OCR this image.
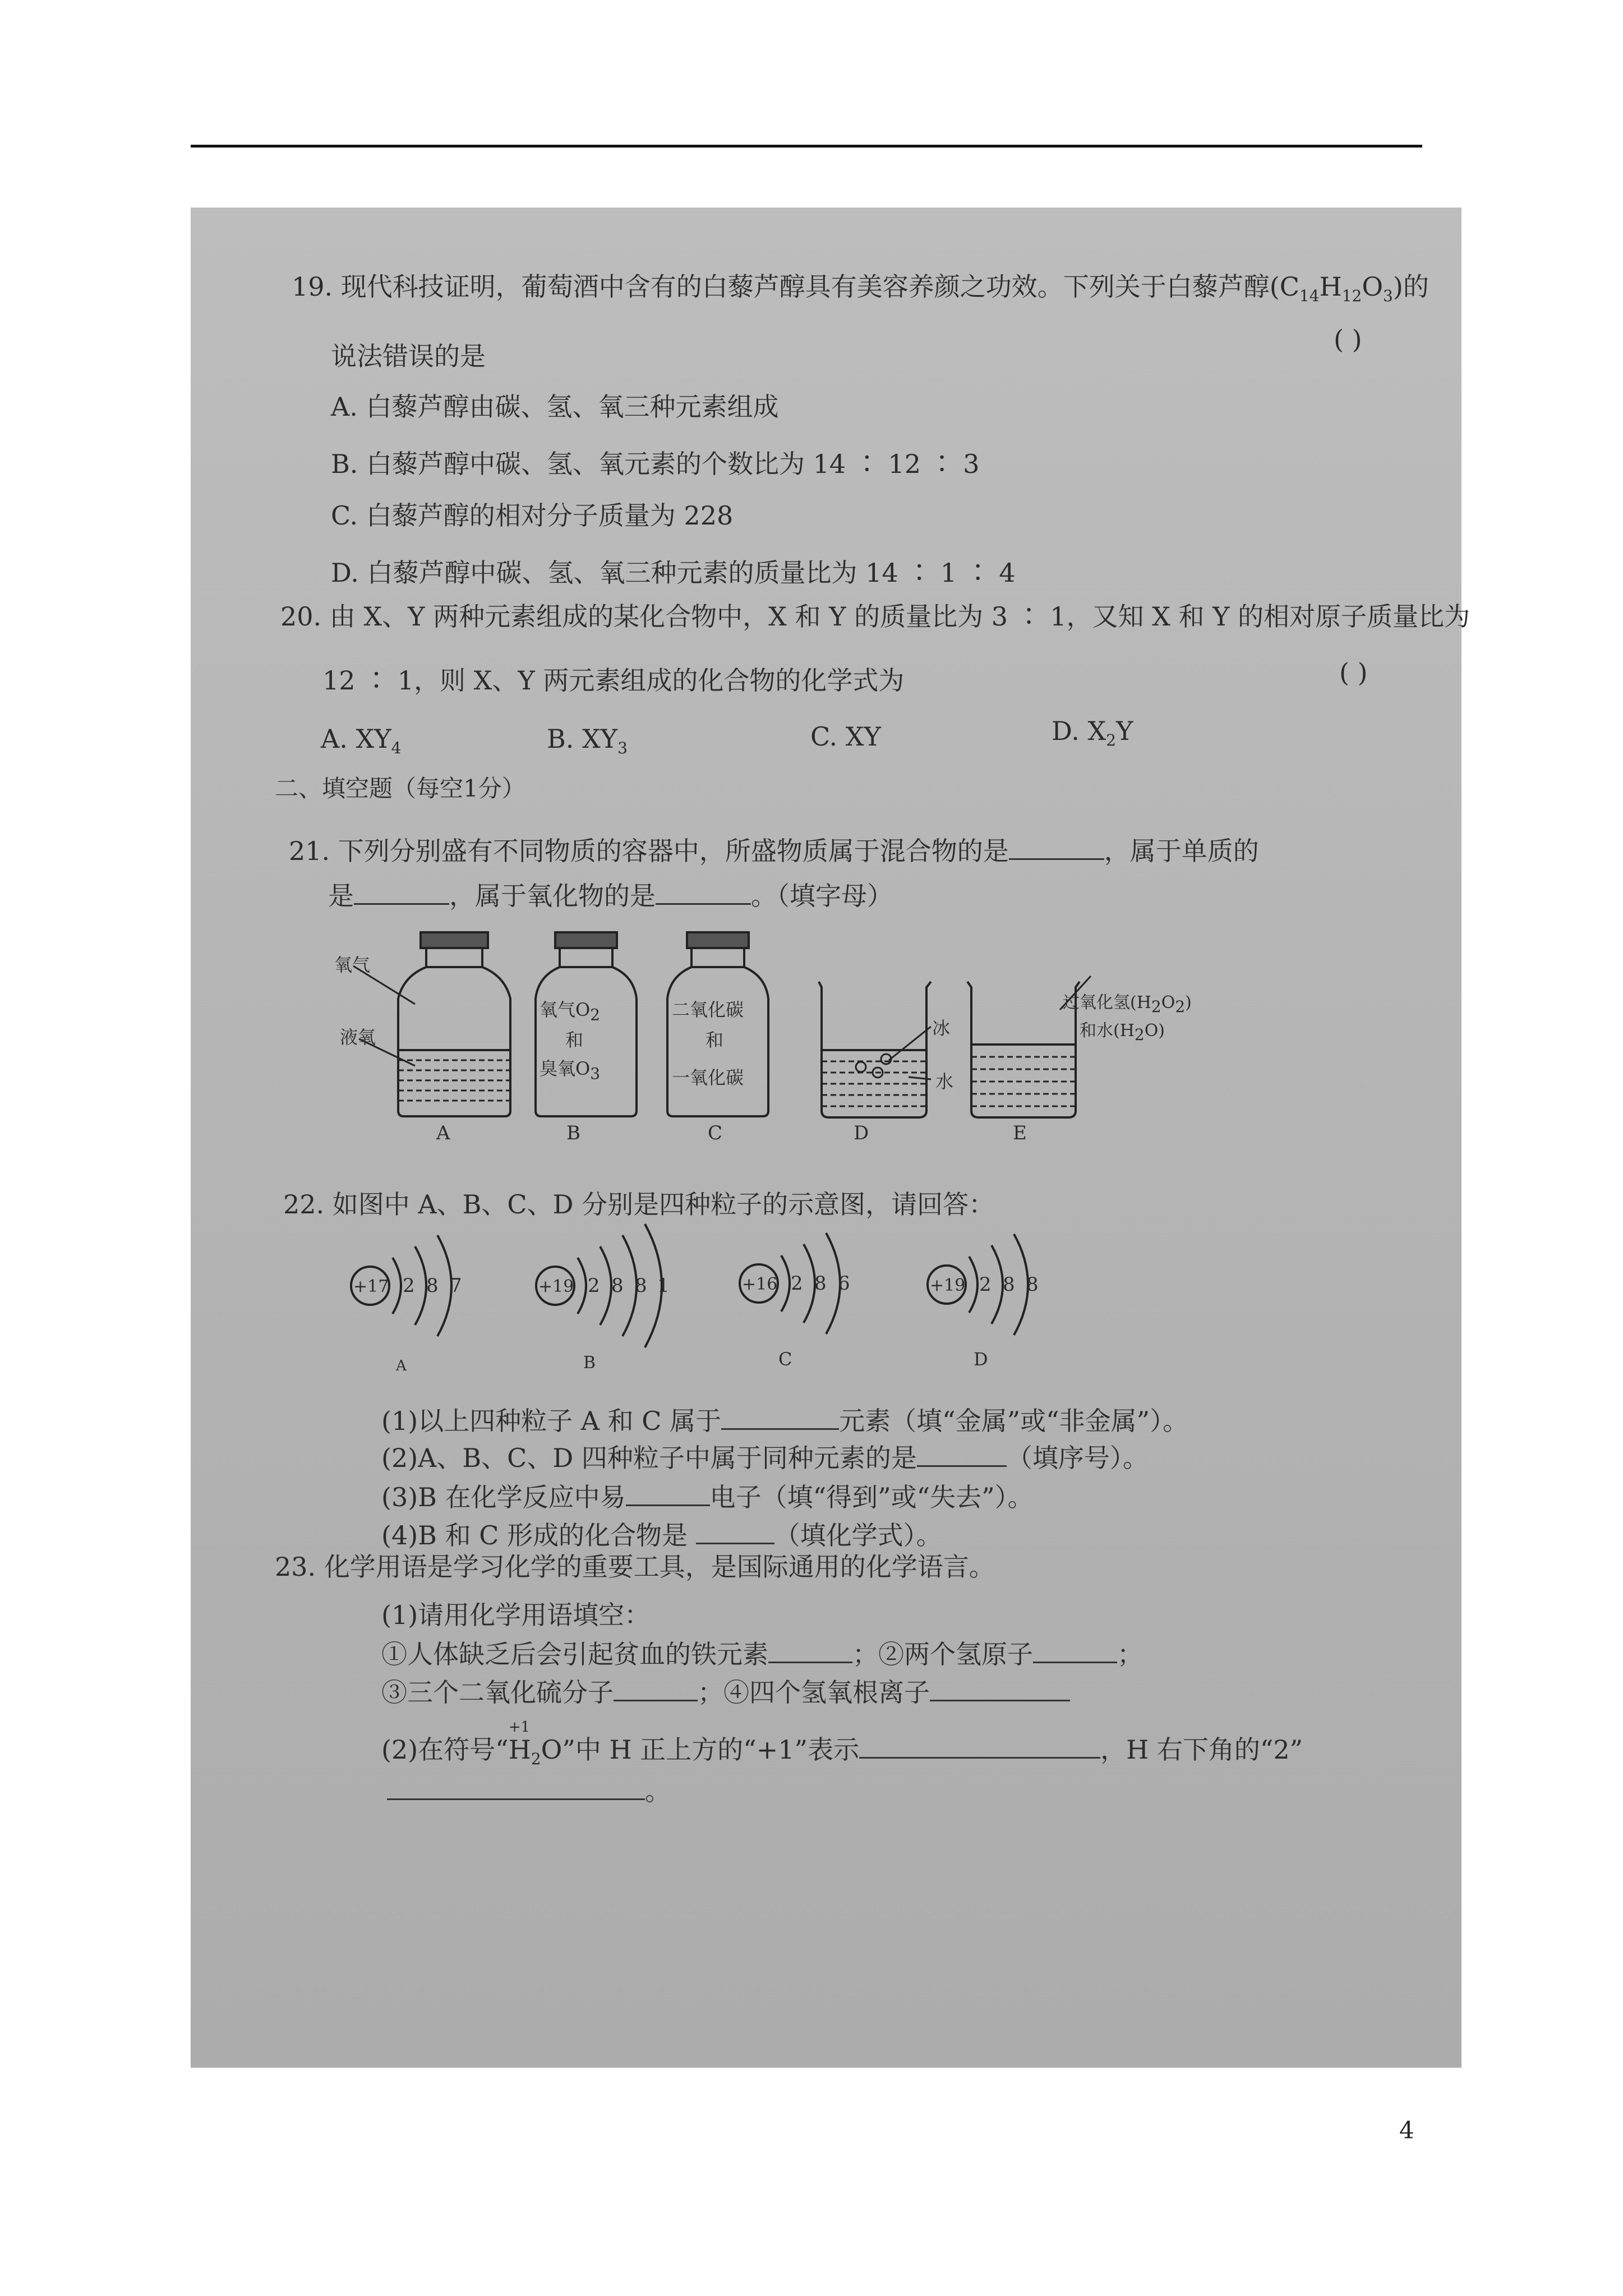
19. 现代科技证明，葡萄酒中含有的白藜芦醇具有美容养颜之功效。下列关于白藜芦醇$(C_{14}H_{12}O_3)$的
说法错误的是
( )
A. 白藜芦醇由碳、氢、氧三种元素组成
B. 白藜芦醇中碳、氢、氧元素的个数比为 14 ∶ 12 ∶ 3
C. 白藜芦醇的相对分子质量为 228
D. 白藜芦醇中碳、氢、氧三种元素的质量比为 14 ∶ 1 ∶ 4
20. 由 X、Y 两种元素组成的某化合物中，X 和 Y 的质量比为 3 ∶ 1，又知 X 和 Y 的相对原子质量比为
12 ∶ 1，则 X、Y 两元素组成的化合物的化学式为	( )
A. $XY_4$	B. $XY_3$	C. XY	D. $X_2Y$
二、填空题（每空1分）
21. 下列分别盛有不同物质的容器中，所盛物质属于混合物的是	，属于单质的
是	，属于氧化物的是	。（填字母）
氧气
液氧
氧气$O_2$
和
臭氧$O_3$
二氧化碳
和
一氧化碳
冰
水
过氧化氢$(H_2O_2)$
和水$(H_2O)$
A	B	C	D	E
22. 如图中 A、B、C、D 分别是四种粒子的示意图，请回答：
+17 2 8 7
A
+19 2 8 8 1
B
+16 2 8 6
C
+19 2 8 8
D
(1)以上四种粒子 A 和 C 属于	元素（填“金属”或“非金属”）。
(2)A、B、C、D 四种粒子中属于同种元素的是	（填序号）。
(3)B 在化学反应中易	电子（填“得到”或“失去”）。
(4)B 和 C 形成的化合物是	（填化学式）。
23. 化学用语是学习化学的重要工具，是国际通用的化学语言。
(1)请用化学用语填空：
①人体缺乏后会引起贫血的铁元素	；②两个氢原子	；
③三个二氧化硫分子	；④四个氢氧根离子
(2)在符号“
+1
$H_2O$”中 H 正上方的“+1”表示	，H 右下角的“2”
。
4
